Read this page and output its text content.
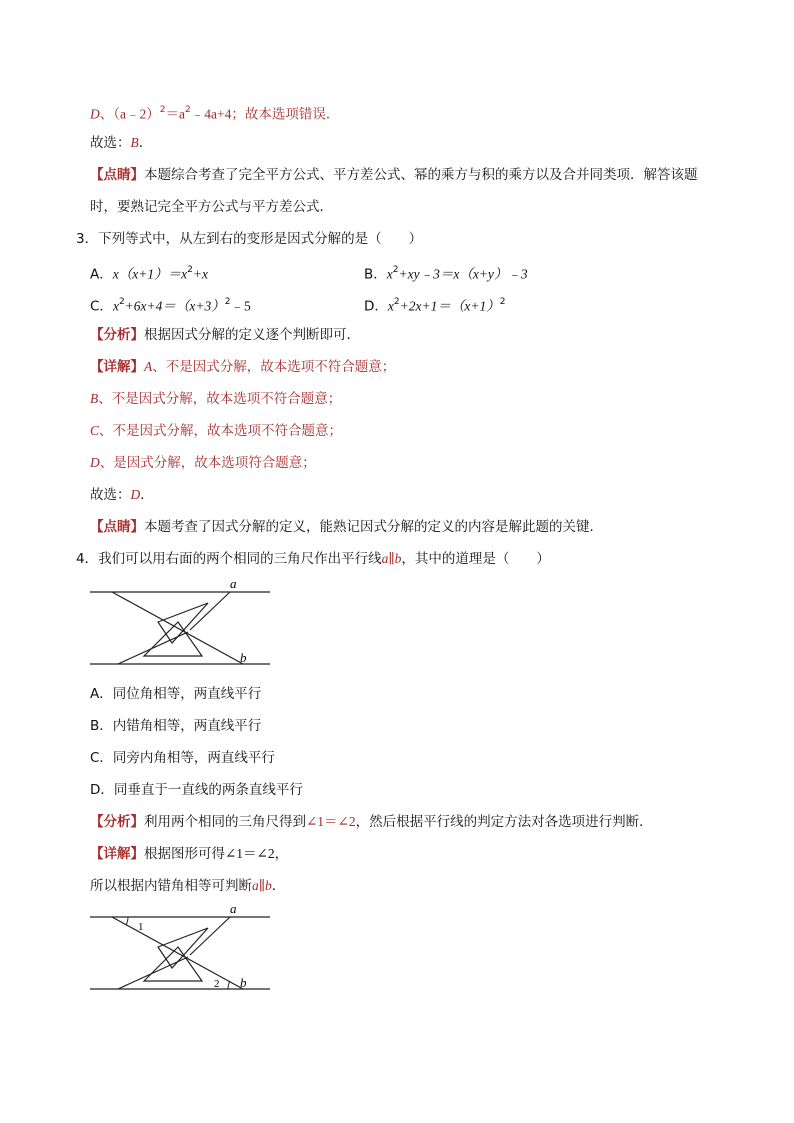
D、$(a﹣2)^2=a^2﹣4a+4$；故本选项错误．
故选：B．
【点睛】本题综合考查了完全平方公式、平方差公式、幂的乘方与积的乘方以及合并同类项．解答该题
时，要熟记完全平方公式与平方差公式．
3．下列等式中，从左到右的变形是因式分解的是（　　）
A．$x(x+1)=x^2+x$	B．$x^2+xy﹣3=x(x+y)﹣3$
C．$x^2+6x+4=(x+3)^2﹣5$	D．$x^2+2x+1=(x+1)^2$
【分析】根据因式分解的定义逐个判断即可．
【详解】A、不是因式分解，故本选项不符合题意；
B、不是因式分解，故本选项不符合题意；
C、不是因式分解，故本选项不符合题意；
D、是因式分解，故本选项符合题意；
故选：D．
【点睛】本题考查了因式分解的定义，能熟记因式分解的定义的内容是解此题的关键．
4．我们可以用右面的两个相同的三角尺作出平行线a∥b，其中的道理是（　　）
a
b
A．同位角相等，两直线平行
B．内错角相等，两直线平行
C．同旁内角相等，两直线平行
D．同垂直于一直线的两条直线平行
【分析】利用两个相同的三角尺得到∠1＝∠2，然后根据平行线的判定方法对各选项进行判断．
【详解】根据图形可得∠1＝∠2，
所以根据内错角相等可判断a∥b．
1
2
a
b
